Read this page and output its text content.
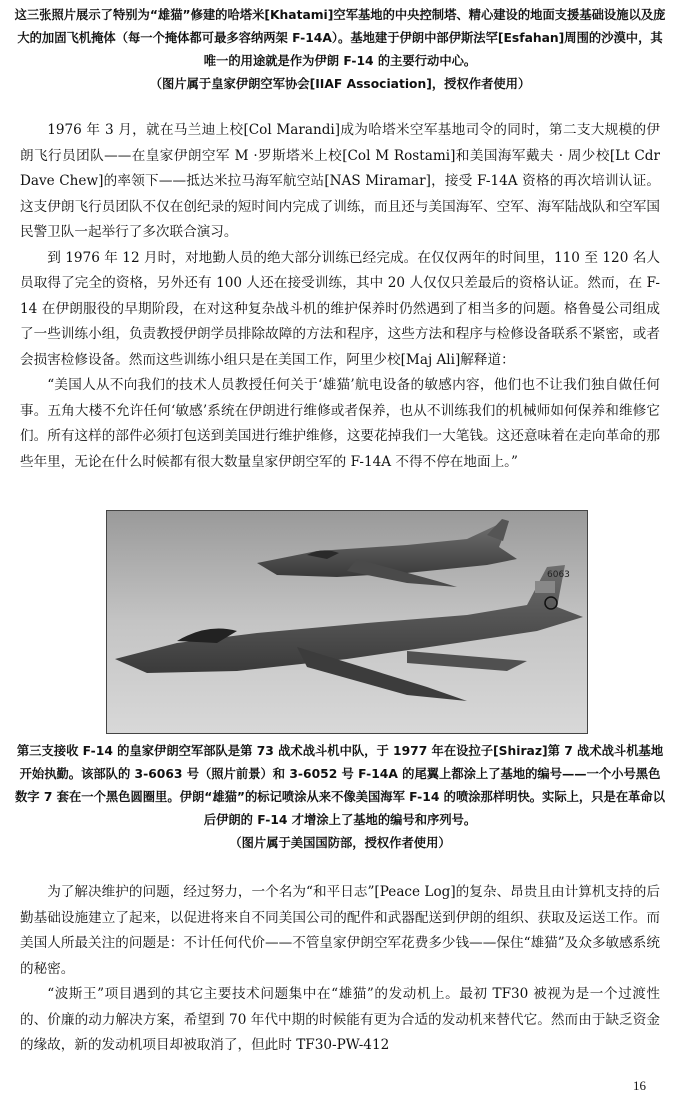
这三张照片展示了特别为“雄猫”修建的哈塔米[Khatami]空军基地的中央控制塔、精心建设的地面支援基础设施以及庞大的加固飞机掩体（每一个掩体都可最多容纳两架 F-14A）。基地建于伊朗中部伊斯法罕[Esfahan]周围的沙漠中，其唯一的用途就是作为伊朗 F-14 的主要行动中心。
（图片属于皇家伊朗空军协会[IIAF Association]，授权作者使用）

1976 年 3 月，就在马兰迪上校[Col Marandi]成为哈塔米空军基地司令的同时，第二支大规模的伊朗飞行员团队——在皇家伊朗空军 M ·罗斯塔米上校[Col M Rostami]和美国海军戴夫 · 周少校[Lt Cdr Dave Chew]的率领下——抵达米拉马海军航空站[NAS Miramar]，接受 F-14A 资格的再次培训认证。这支伊朗飞行员团队不仅在创纪录的短时间内完成了训练，而且还与美国海军、空军、海军陆战队和空军国民警卫队一起举行了多次联合演习。

到 1976 年 12 月时，对地勤人员的绝大部分训练已经完成。在仅仅两年的时间里，110 至 120 名人员取得了完全的资格，另外还有 100 人还在接受训练，其中 20 人仅仅只差最后的资格认证。然而，在 F-14 在伊朗服役的早期阶段，在对这种复杂战斗机的维护保养时仍然遇到了相当多的问题。格鲁曼公司组成了一些训练小组，负责教授伊朗学员排除故障的方法和程序，这些方法和程序与检修设备联系不紧密，或者会损害检修设备。然而这些训练小组只是在美国工作，阿里少校[Maj Ali]解释道：

“美国人从不向我们的技术人员教授任何关于‘雄猫’航电设备的敏感内容，他们也不让我们独自做任何事。五角大楼不允许任何‘敏感’系统在伊朗进行维修或者保养，也从不训练我们的机械师如何保养和维修它们。所有这样的部件必须打包送到美国进行维护维修，这要花掉我们一大笔钱。这还意味着在走向革命的那些年里，无论在什么时候都有很大数量皇家伊朗空军的 F-14A 不得不停在地面上。”

6063

第三支接收 F-14 的皇家伊朗空军部队是第 73 战术战斗机中队，于 1977 年在设拉子[Shiraz]第 7 战术战斗机基地开始执勤。该部队的 3-6063 号（照片前景）和 3-6052 号 F-14A 的尾翼上都涂上了基地的编号——一个小号黑色数字 7 套在一个黑色圆圈里。伊朗“雄猫”的标记喷涂从来不像美国海军 F-14 的喷涂那样明快。实际上，只是在革命以后伊朗的 F-14 才增涂上了基地的编号和序列号。
（图片属于美国国防部，授权作者使用）

为了解决维护的问题，经过努力，一个名为“和平日志”[Peace Log]的复杂、昂贵且由计算机支持的后勤基础设施建立了起来，以促进将来自不同美国公司的配件和武器配送到伊朗的组织、获取及运送工作。而美国人所最关注的问题是：不计任何代价——不管皇家伊朗空军花费多少钱——保住“雄猫”及众多敏感系统的秘密。

“波斯王”项目遇到的其它主要技术问题集中在“雄猫”的发动机上。最初 TF30 被视为是一个过渡性的、价廉的动力解决方案，希望到 70 年代中期的时候能有更为合适的发动机来替代它。然而由于缺乏资金的缘故，新的发动机项目却被取消了，但此时 TF30-PW-412

16
